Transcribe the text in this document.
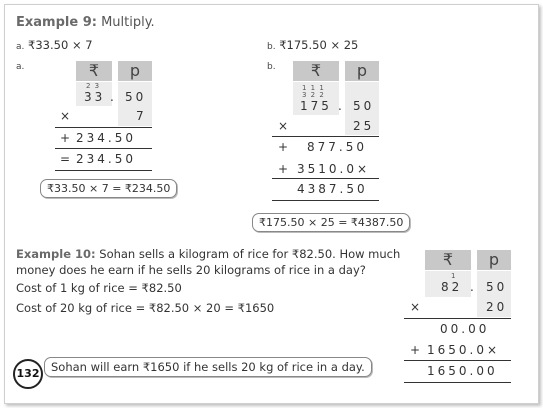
Example 9: Multiply.
a. ₹33.50 × 7	b. ₹175.50 × 25
a.	b.
₹	p
2 3
33 . 50
×	7
+ 234.50
= 234.50
₹33.50 × 7 = ₹234.50
₹	p
1 1 1
3 2 2
175 . 50
×	25
+ 877.50
+ 3510.0×
4387.50
₹175.50 × 25 = ₹4387.50
Example 10: Sohan sells a kilogram of rice for ₹82.50. How much
money does he earn if he sells 20 kilograms of rice in a day?
Cost of 1 kg of rice = ₹82.50
Cost of 20 kg of rice = ₹82.50 × 20 = ₹1650
₹	p
1
82 . 50
×	20
00.00
+ 1650.0×
1650.00
Sohan will earn ₹1650 if he sells 20 kg of rice in a day.
132
